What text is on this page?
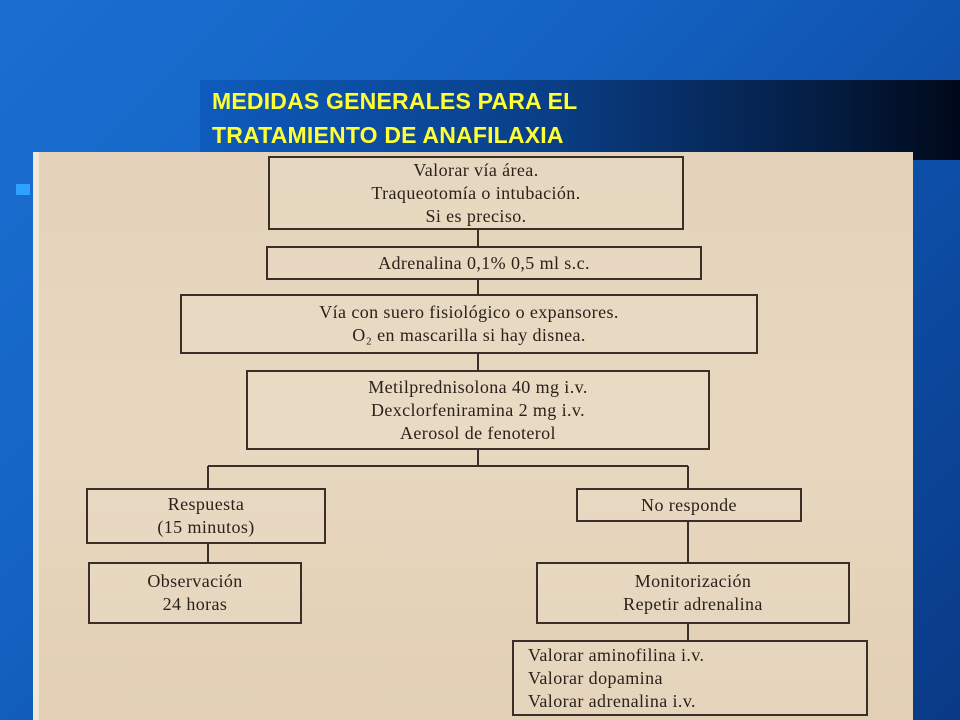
MEDIDAS GENERALES PARA EL
TRATAMIENTO DE ANAFILAXIA
Valorar vía área.
Traqueotomía o intubación.
Si es preciso.
Adrenalina 0,1% 0,5 ml s.c.
Vía con suero fisiológico o expansores.
O₂ en mascarilla si hay disnea.
Metilprednisolona 40 mg i.v.
Dexclorfeniramina 2 mg i.v.
Aerosol de fenoterol
Respuesta
(15 minutos)
Observación
24 horas
No responde
Monitorización
Repetir adrenalina
Valorar aminofilina i.v.
Valorar dopamina
Valorar adrenalina i.v.
